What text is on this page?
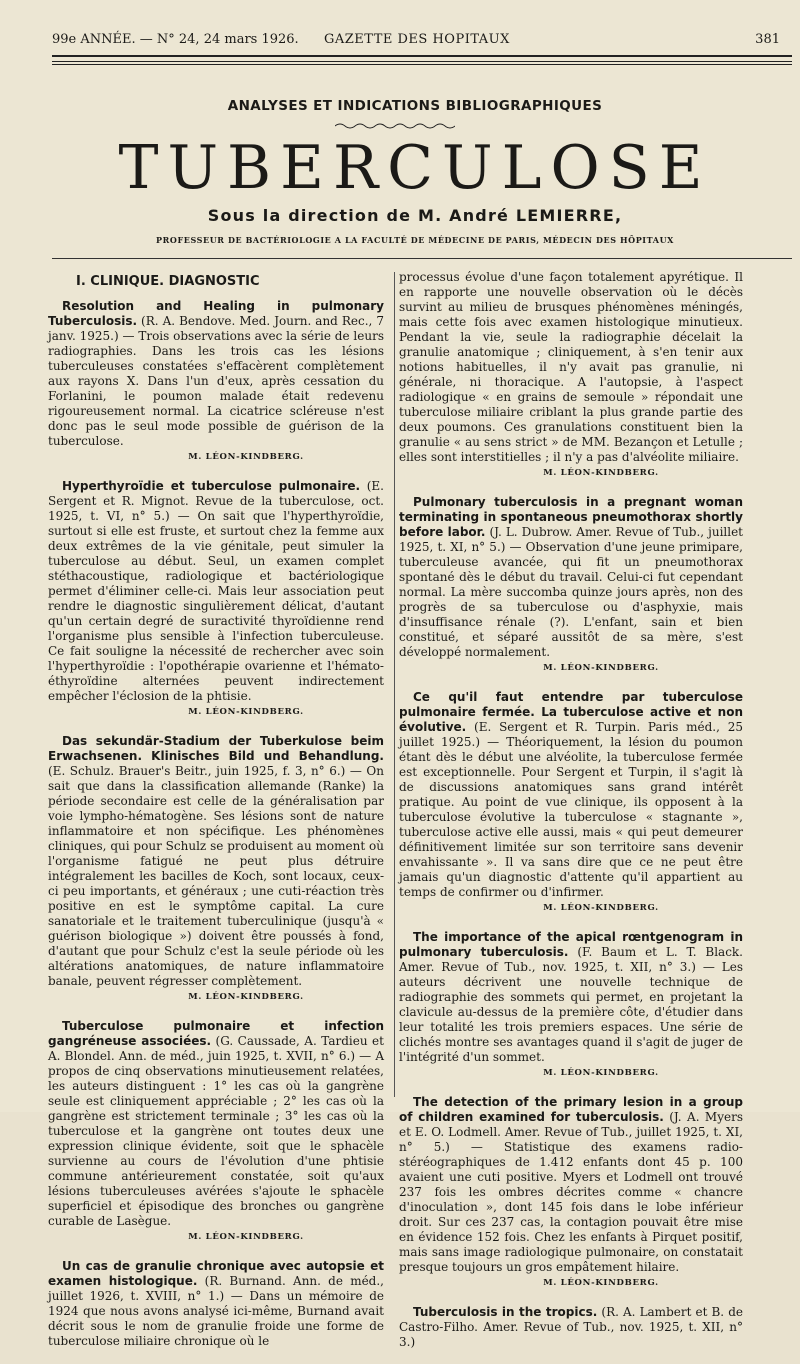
99e ANNÉE. — N° 24, 24 mars 1926. GAZETTE DES HOPITAUX	381
ANALYSES ET INDICATIONS BIBLIOGRAPHIQUES
TUBERCULOSE
Sous la direction de M. André LEMIERRE,
PROFESSEUR DE BACTÉRIOLOGIE A LA FACULTÉ DE MÉDECINE DE PARIS, MÉDECIN DES HÔPITAUX
I. CLINIQUE. DIAGNOSTIC

Resolution and Healing in pulmonary Tuberculosis. (R. A. Bendove. Med. Journ. and Rec., 7 janv. 1925.) — Trois observations avec la série de leurs radiographies. Dans les trois cas les lésions tuberculeuses constatées s'effacèrent complètement aux rayons X. Dans l'un d'eux, après cessation du Forlanini, le poumon malade était redevenu rigoureusement normal. La cicatrice scléreuse n'est donc pas le seul mode possible de guérison de la tuberculose.

M. LÉON-KINDBERG.

Hyperthyroïdie et tuberculose pulmonaire. (E. Sergent et R. Mignot. Revue de la tuberculose, oct. 1925, t. VI, n° 5.) — On sait que l'hyperthyroïdie, surtout si elle est fruste, et surtout chez la femme aux deux extrêmes de la vie génitale, peut simuler la tuberculose au début. Seul, un examen complet stéthacoustique, radiologique et bactériologique permet d'éliminer celle-ci. Mais leur association peut rendre le diagnostic singulièrement délicat, d'autant qu'un certain degré de suractivité thyroïdienne rend l'organisme plus sensible à l'infection tuberculeuse. Ce fait souligne la nécessité de rechercher avec soin l'hyperthyroïdie : l'opothérapie ovarienne et l'hémato-éthyroïdine alternées peuvent indirectement empêcher l'éclosion de la phtisie.

M. LÉON-KINDBERG.

Das sekundär-Stadium der Tuberkulose beim Erwachsenen. Klinisches Bild und Behandlung. (E. Schulz. Brauer's Beitr., juin 1925, f. 3, n° 6.) — On sait que dans la classification allemande (Ranke) la période secondaire est celle de la généralisation par voie lympho-hématogène. Ses lésions sont de nature inflammatoire et non spécifique. Les phénomènes cliniques, qui pour Schulz se produisent au moment où l'organisme fatigué ne peut plus détruire intégralement les bacilles de Koch, sont locaux, ceux-ci peu importants, et généraux ; une cuti-réaction très positive en est le symptôme capital. La cure sanatoriale et le traitement tuberculinique (jusqu'à « guérison biologique ») doivent être poussés à fond, d'autant que pour Schulz c'est la seule période où les altérations anatomiques, de nature inflammatoire banale, peuvent régresser complètement.

M. LÉON-KINDBERG.

Tuberculose pulmonaire et infection gangréneuse associées. (G. Caussade, A. Tardieu et A. Blondel. Ann. de méd., juin 1925, t. XVII, n° 6.) — A propos de cinq observations minutieusement relatées, les auteurs distinguent : 1° les cas où la gangrène seule est cliniquement appréciable ; 2° les cas où la gangrène est strictement terminale ; 3° les cas où la tuberculose et la gangrène ont toutes deux une expression clinique évidente, soit que le sphacèle survienne au cours de l'évolution d'une phtisie commune antérieurement constatée, soit qu'aux lésions tuberculeuses avérées s'ajoute le sphacèle superficiel et épisodique des bronches ou gangrène curable de Lasègue.

M. LÉON-KINDBERG.

Un cas de granulie chronique avec autopsie et examen histologique. (R. Burnand. Ann. de méd., juillet 1926, t. XVIII, n° 1.) — Dans un mémoire de 1924 que nous avons analysé ici-même, Burnand avait décrit sous le nom de granulie froide une forme de tuberculose miliaire chronique où le

processus évolue d'une façon totalement apyrétique. Il en rapporte une nouvelle observation où le décès survint au milieu de brusques phénomènes méningés, mais cette fois avec examen histologique minutieux. Pendant la vie, seule la radiographie décelait la granulie anatomique ; cliniquement, à s'en tenir aux notions habituelles, il n'y avait pas granulie, ni générale, ni thoracique. A l'autopsie, à l'aspect radiologique « en grains de semoule » répondait une tuberculose miliaire criblant la plus grande partie des deux poumons. Ces granulations constituent bien la granulie « au sens strict » de MM. Bezançon et Letulle ; elles sont interstitielles ; il n'y a pas d'alvéolite miliaire.

M. LÉON-KINDBERG.

Pulmonary tuberculosis in a pregnant woman terminating in spontaneous pneumothorax shortly before labor. (J. L. Dubrow. Amer. Revue of Tub., juillet 1925, t. XI, n° 5.) — Observation d'une jeune primipare, tuberculeuse avancée, qui fit un pneumothorax spontané dès le début du travail. Celui-ci fut cependant normal. La mère succomba quinze jours après, non des progrès de sa tuberculose ou d'asphyxie, mais d'insuffisance rénale (?). L'enfant, sain et bien constitué, et séparé aussitôt de sa mère, s'est développé normalement.

M. LÉON-KINDBERG.

Ce qu'il faut entendre par tuberculose pulmonaire fermée. La tuberculose active et non évolutive. (E. Sergent et R. Turpin. Paris méd., 25 juillet 1925.) — Théoriquement, la lésion du poumon étant dès le début une alvéolite, la tuberculose fermée est exceptionnelle. Pour Sergent et Turpin, il s'agit là de discussions anatomiques sans grand intérêt pratique. Au point de vue clinique, ils opposent à la tuberculose évolutive la tuberculose « stagnante », tuberculose active elle aussi, mais « qui peut demeurer définitivement limitée sur son territoire sans devenir envahissante ». Il va sans dire que ce ne peut être jamais qu'un diagnostic d'attente qu'il appartient au temps de confirmer ou d'infirmer.

M. LÉON-KINDBERG.

The importance of the apical rœntgenogram in pulmonary tuberculosis. (F. Baum et L. T. Black. Amer. Revue of Tub., nov. 1925, t. XII, n° 3.) — Les auteurs décrivent une nouvelle technique de radiographie des sommets qui permet, en projetant la clavicule au-dessus de la première côte, d'étudier dans leur totalité les trois premiers espaces. Une série de clichés montre ses avantages quand il s'agit de juger de l'intégrité d'un sommet.

M. LÉON-KINDBERG.

The detection of the primary lesion in a group of children examined for tuberculosis. (J. A. Myers et E. O. Lodmell. Amer. Revue of Tub., juillet 1925, t. XI, n° 5.) — Statistique des examens radio-stéréographiques de 1.412 enfants dont 45 p. 100 avaient une cuti positive. Myers et Lodmell ont trouvé 237 fois les ombres décrites comme « chancre d'inoculation », dont 145 fois dans le lobe inférieur droit. Sur ces 237 cas, la contagion pouvait être mise en évidence 152 fois. Chez les enfants à Pirquet positif, mais sans image radiologique pulmonaire, on constatait presque toujours un gros empâtement hilaire.

M. LÉON-KINDBERG.

Tuberculosis in the tropics. (R. A. Lambert et B. de Castro-Filho. Amer. Revue of Tub., nov. 1925, t. XII, n° 3.)
